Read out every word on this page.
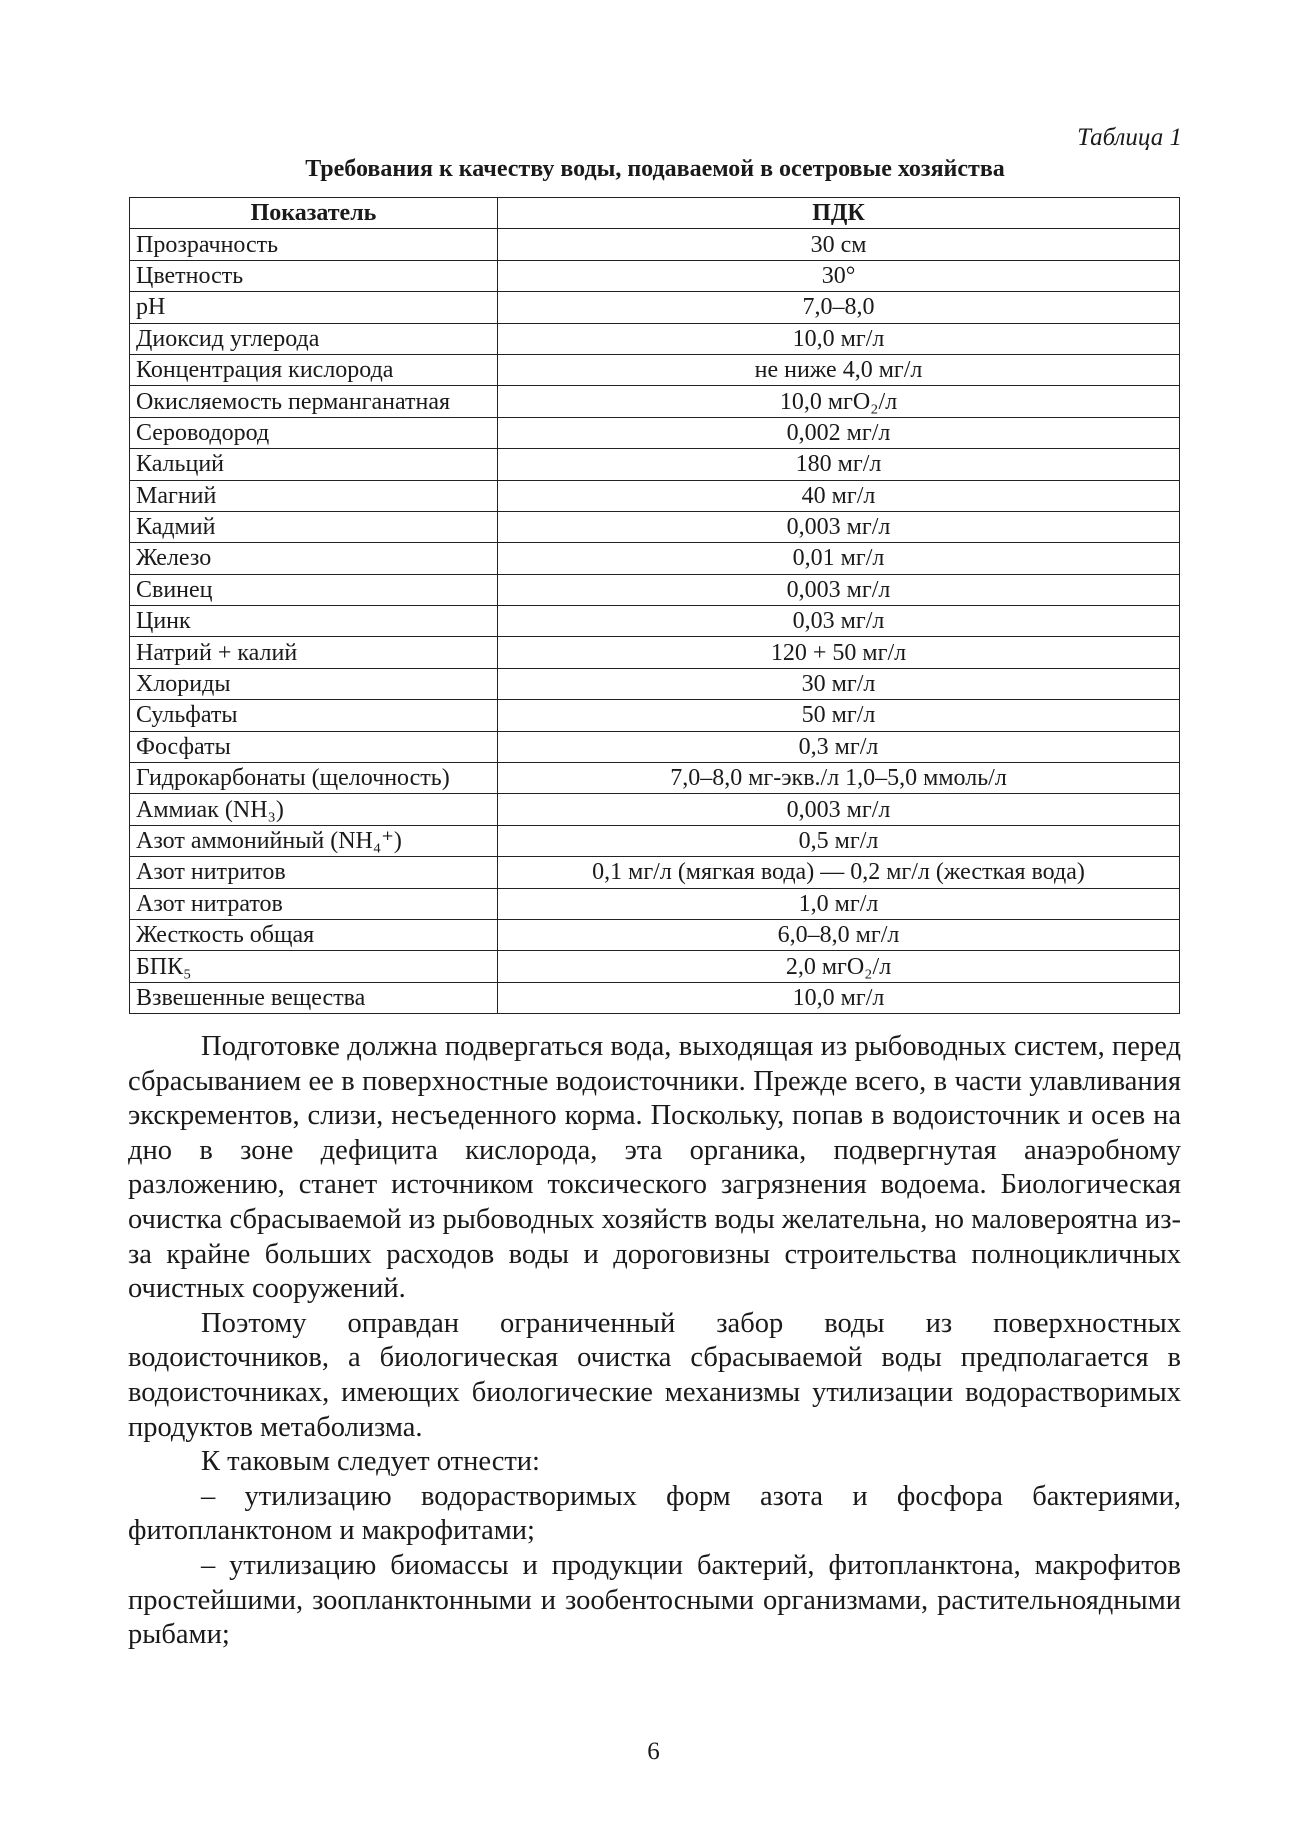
Таблица 1
Требования к качеству воды, подаваемой в осетровые хозяйства
Показатель	ПДК
Прозрачность	30 см
Цветность	30°
рН	7,0–8,0
Диоксид углерода	10,0 мг/л
Концентрация кислорода	не ниже 4,0 мг/л
Окисляемость перманганатная	10,0 мгO₂/л
Сероводород	0,002 мг/л
Кальций	180 мг/л
Магний	40 мг/л
Кадмий	0,003 мг/л
Железо	0,01 мг/л
Свинец	0,003 мг/л
Цинк	0,03 мг/л
Натрий + калий	120 + 50 мг/л
Хлориды	30 мг/л
Сульфаты	50 мг/л
Фосфаты	0,3 мг/л
Гидрокарбонаты (щелочность)	7,0–8,0 мг-экв./л 1,0–5,0 ммоль/л
Аммиак (NH₃)	0,003 мг/л
Азот аммонийный (NH₄⁺)	0,5 мг/л
Азот нитритов	0,1 мг/л (мягкая вода) — 0,2 мг/л (жесткая вода)
Азот нитратов	1,0 мг/л
Жесткость общая	6,0–8,0 мг/л
БПК₅	2,0 мгO₂/л
Взвешенные вещества	10,0 мг/л

Подготовке должна подвергаться вода, выходящая из рыбоводных систем, перед сбрасыванием ее в поверхностные водоисточники. Прежде всего, в части улавливания экскрементов, слизи, несъеденного корма. Поскольку, попав в водоисточник и осев на дно в зоне дефицита кислорода, эта органика, подвергнутая анаэробному разложению, станет источником токсического загрязнения водоема. Биологическая очистка сбрасываемой из рыбоводных хозяйств воды желательна, но маловероятна из-за крайне больших расходов воды и дороговизны строительства полноцикличных очистных сооружений.

Поэтому оправдан ограниченный забор воды из поверхностных водоисточников, а биологическая очистка сбрасываемой воды предполагается в водоисточниках, имеющих биологические механизмы утилизации водорастворимых продуктов метаболизма.

К таковым следует отнести:

– утилизацию водорастворимых форм азота и фосфора бактериями, фитопланктоном и макрофитами;

– утилизацию биомассы и продукции бактерий, фитопланктона, макрофитов простейшими, зоопланктонными и зообентосными организмами, растительноядными рыбами;

6
